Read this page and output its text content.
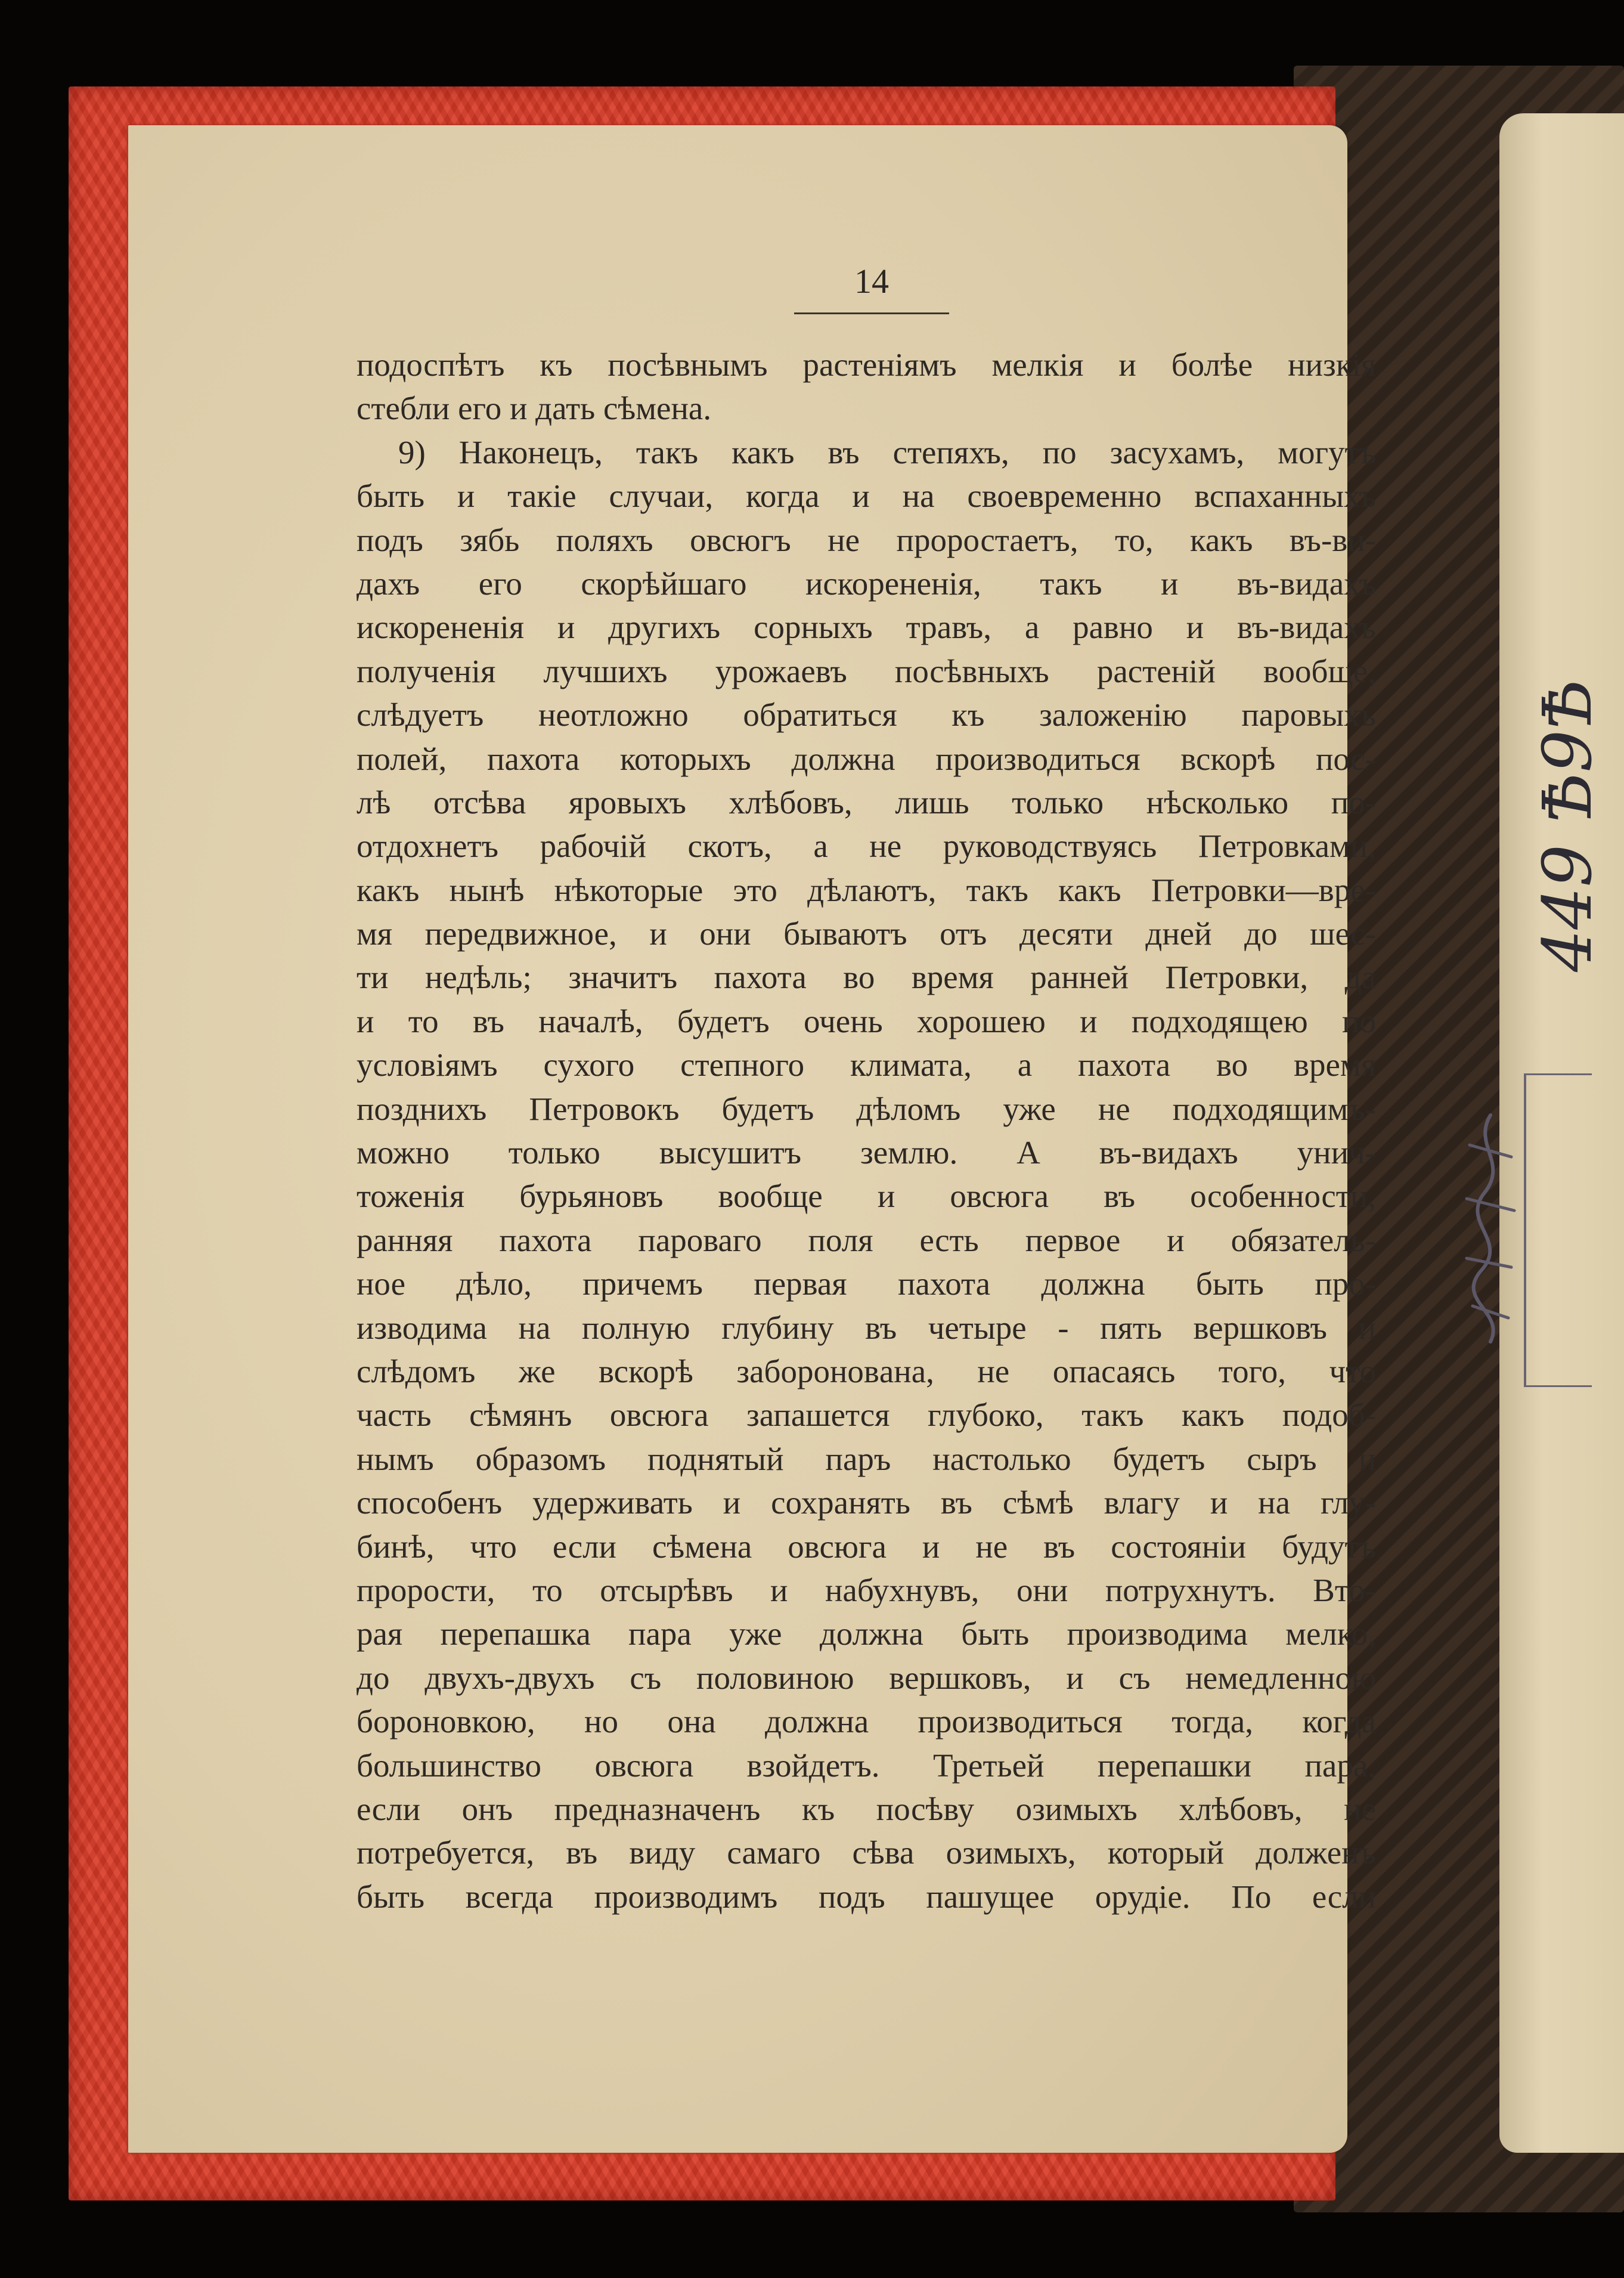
14
подоспѣтъ къ посѣвнымъ растеніямъ мелкія и болѣе низкія
стебли его и дать сѣмена.
9) Наконецъ, такъ какъ въ степяхъ, по засухамъ, могутъ
быть и такіе случаи, когда и на своевременно вспаханныхъ
подъ зябь поляхъ овсюгъ не проростаетъ, то, какъ въ-ви-
дахъ его скорѣйшаго искорененія, такъ и въ-видахъ
искорененія и другихъ сорныхъ травъ, а равно и въ-видахъ
полученія лучшихъ урожаевъ посѣвныхъ растеній вообще,
слѣдуетъ неотложно обратиться къ заложенію паровыхъ
полей, пахота которыхъ должна производиться вскорѣ пос-
лѣ отсѣва яровыхъ хлѣбовъ, лишь только нѣсколько по-
отдохнетъ рабочій скотъ, а не руководствуясь Петровками,
какъ нынѣ нѣкоторые это дѣлаютъ, такъ какъ Петровки—вре-
мя передвижное, и они бываютъ отъ десяти дней до шес-
ти недѣль; значитъ пахота во время ранней Петровки, да
и то въ началѣ, будетъ очень хорошею и подходящею по
условіямъ сухого степного климата, а пахота во время
позднихъ Петровокъ будетъ дѣломъ уже не подходящимъ-
можно только высушитъ землю. А въ-видахъ унич-
тоженія бурьяновъ вообще и овсюга въ особенности,
ранняя пахота пароваго поля есть первое и обязатель-
ное дѣло, причемъ первая пахота должна быть про-
изводима на полную глубину въ четыре - пять вершковъ и
слѣдомъ же вскорѣ забороновaна, не опасаясь того, что
часть сѣмянъ овсюга запашется глубоко, такъ какъ подоб-
нымъ образомъ поднятый паръ настолько будетъ сыръ и
способенъ удерживать и сохранять въ сѣмѣ влагу и на глу-
бинѣ, что если сѣмена овсюга и не въ состояніи будутъ
прорости, то отсырѣвъ и набухнувъ, они потрухнутъ. Вто-
рая перепашка пара уже должна быть производима мелко,
до двухъ-двухъ съ половиною вершковъ, и съ немедленною
бороновкою, но она должна производиться тогда, когда
большинство овсюга взойдетъ. Третьей перепашки пара,
если онъ предназначенъ къ посѣву озимыхъ хлѣбовъ, не
потребуется, въ виду самаго сѣва озимыхъ, который долженъ
быть всегда производимъ подъ пашущее орудіе. По если
449 Ѣ9Ѣ
